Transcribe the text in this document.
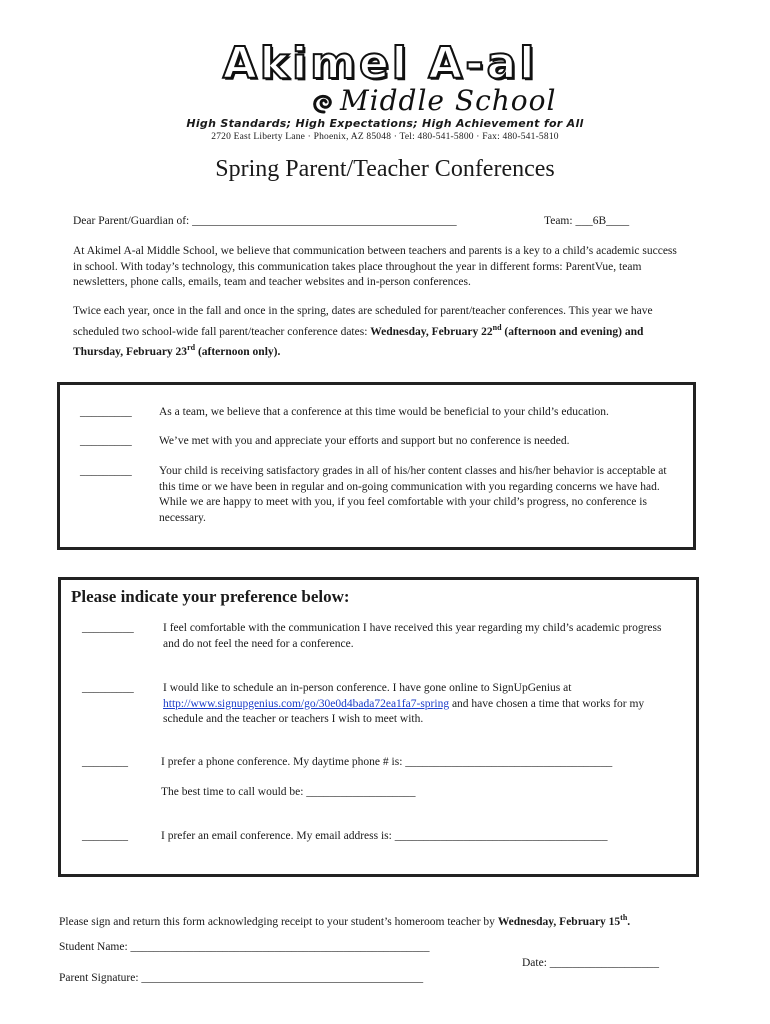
Akimel A-al
Middle School
High Standards; High Expectations; High Achievement for All
2720 East Liberty Lane · Phoenix, AZ 85048 · Tel: 480-541-5800 · Fax: 480-541-5810
Spring Parent/Teacher Conferences
Dear Parent/Guardian of: ______________________________________________	Team: ___6B____
At Akimel A-al Middle School, we believe that communication between teachers and parents is a key to a child’s academic success in school. With today’s technology, this communication takes place throughout the year in different forms: ParentVue, team newsletters, phone calls, emails, team and teacher websites and in-person conferences.
Twice each year, once in the fall and once in the spring, dates are scheduled for parent/teacher conferences. This year we have scheduled two school-wide fall parent/teacher conference dates: Wednesday, February 22nd (afternoon and evening) and Thursday, February 23rd (afternoon only).
_________ As a team, we believe that a conference at this time would be beneficial to your child’s education.
_________ We’ve met with you and appreciate your efforts and support but no conference is needed.
_________ Your child is receiving satisfactory grades in all of his/her content classes and his/her behavior is acceptable at this time or we have been in regular and on-going communication with you regarding concerns we have had. While we are happy to meet with you, if you feel comfortable with your child’s progress, no conference is necessary.
Please indicate your preference below:
_________	I feel comfortable with the communication I have received this year regarding my child’s academic progress and do not feel the need for a conference.
_________	I would like to schedule an in-person conference. I have gone online to SignUpGenius at
http://www.signupgenius.com/go/30e0d4bada72ea1fa7-spring and have chosen a time that works for my schedule and the teacher or teachers I wish to meet with.
________	I prefer a phone conference. My daytime phone # is: ____________________________________
The best time to call would be: ___________________
________	I prefer an email conference. My email address is: _____________________________________
Please sign and return this form acknowledging receipt to your student’s homeroom teacher by Wednesday, February 15th.
Student Name: ____________________________________________________
Date: ___________________
Parent Signature: _________________________________________________
